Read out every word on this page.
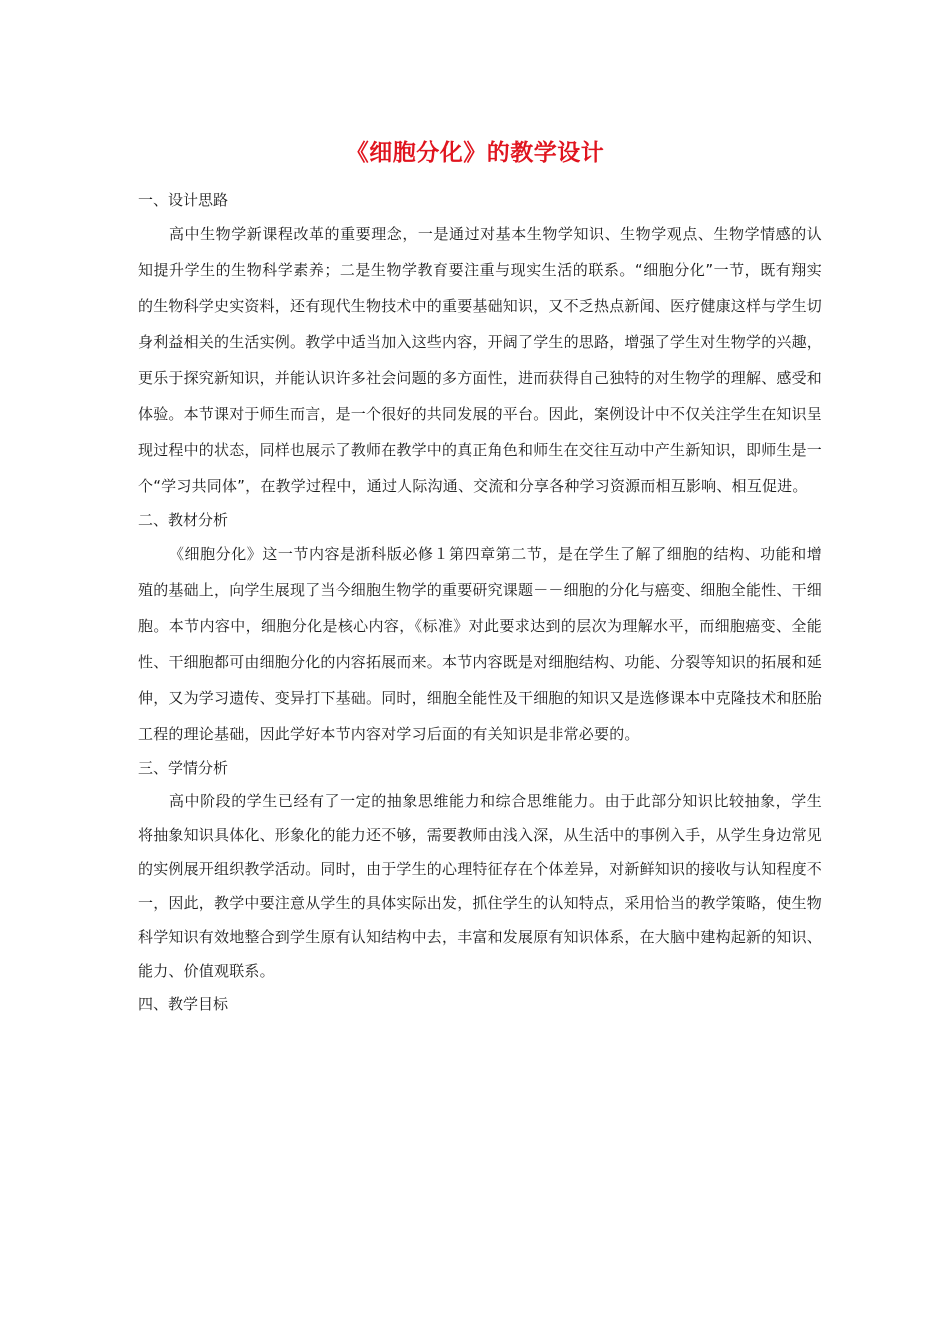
《细胞分化》的教学设计
一、设计思路
高中生物学新课程改革的重要理念，一是通过对基本生物学知识、生物学观点、生物学情感的认知提升学生的生物科学素养；二是生物学教育要注重与现实生活的联系。“细胞分化”一节，既有翔实的生物科学史实资料，还有现代生物技术中的重要基础知识，又不乏热点新闻、医疗健康这样与学生切身利益相关的生活实例。教学中适当加入这些内容，开阔了学生的思路，增强了学生对生物学的兴趣，更乐于探究新知识，并能认识许多社会问题的多方面性，进而获得自己独特的对生物学的理解、感受和体验。本节课对于师生而言，是一个很好的共同发展的平台。因此，案例设计中不仅关注学生在知识呈现过程中的状态，同样也展示了教师在教学中的真正角色和师生在交往互动中产生新知识，即师生是一个“学习共同体”，在教学过程中，通过人际沟通、交流和分享各种学习资源而相互影响、相互促进。
二、教材分析
《细胞分化》这一节内容是浙科版必修１第四章第二节，是在学生了解了细胞的结构、功能和增殖的基础上，向学生展现了当今细胞生物学的重要研究课题－－细胞的分化与癌变、细胞全能性、干细胞。本节内容中，细胞分化是核心内容，《标准》对此要求达到的层次为理解水平，而细胞癌变、全能性、干细胞都可由细胞分化的内容拓展而来。本节内容既是对细胞结构、功能、分裂等知识的拓展和延伸，又为学习遗传、变异打下基础。同时，细胞全能性及干细胞的知识又是选修课本中克隆技术和胚胎工程的理论基础，因此学好本节内容对学习后面的有关知识是非常必要的。
三、学情分析
高中阶段的学生已经有了一定的抽象思维能力和综合思维能力。由于此部分知识比较抽象，学生将抽象知识具体化、形象化的能力还不够，需要教师由浅入深，从生活中的事例入手，从学生身边常见的实例展开组织教学活动。同时，由于学生的心理特征存在个体差异，对新鲜知识的接收与认知程度不一，因此，教学中要注意从学生的具体实际出发，抓住学生的认知特点，采用恰当的教学策略，使生物科学知识有效地整合到学生原有认知结构中去，丰富和发展原有知识体系，在大脑中建构起新的知识、能力、价值观联系。
四、教学目标
